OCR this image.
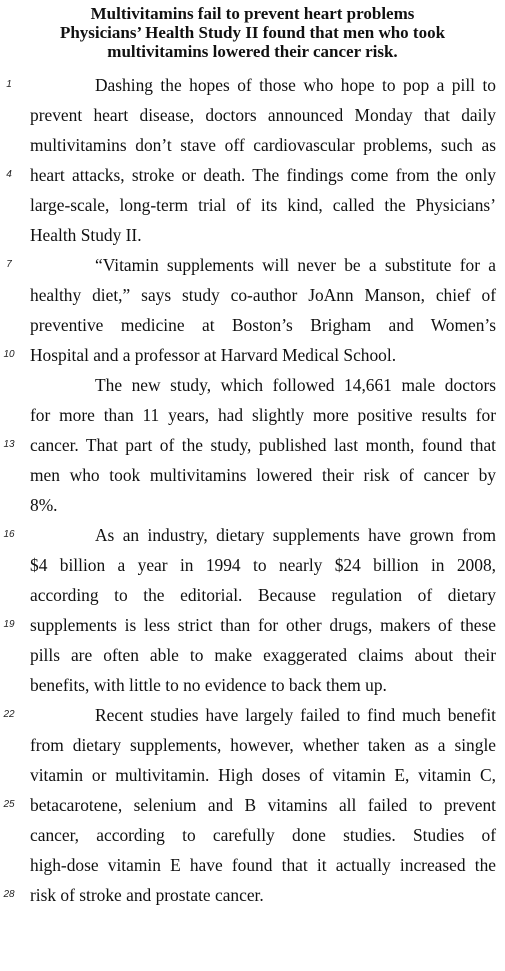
Multivitamins fail to prevent heart problems
Physicians’ Health Study II found that men who took
multivitamins lowered their cancer risk.
Dashing the hopes of those who hope to pop a pill to
prevent heart disease, doctors announced Monday that daily
multivitamins don’t stave off cardiovascular problems, such as
heart attacks, stroke or death. The findings come from the only
large-scale, long-term trial of its kind, called the Physicians’
Health Study II.
“Vitamin supplements will never be a substitute for a
healthy diet,” says study co-author JoAnn Manson, chief of
preventive medicine at Boston’s Brigham and Women’s
Hospital and a professor at Harvard Medical School.
The new study, which followed 14,661 male doctors
for more than 11 years, had slightly more positive results for
cancer. That part of the study, published last month, found that
men who took multivitamins lowered their risk of cancer by
8%.
As an industry, dietary supplements have grown from
$4 billion a year in 1994 to nearly $24 billion in 2008,
according to the editorial. Because regulation of dietary
supplements is less strict than for other drugs, makers of these
pills are often able to make exaggerated claims about their
benefits, with little to no evidence to back them up.
Recent studies have largely failed to find much benefit
from dietary supplements, however, whether taken as a single
vitamin or multivitamin. High doses of vitamin E, vitamin C,
betacarotene, selenium and B vitamins all failed to prevent
cancer, according to carefully done studies. Studies of
high-dose vitamin E have found that it actually increased the
risk of stroke and prostate cancer.
1
4
7
10
13
16
19
22
25
28
